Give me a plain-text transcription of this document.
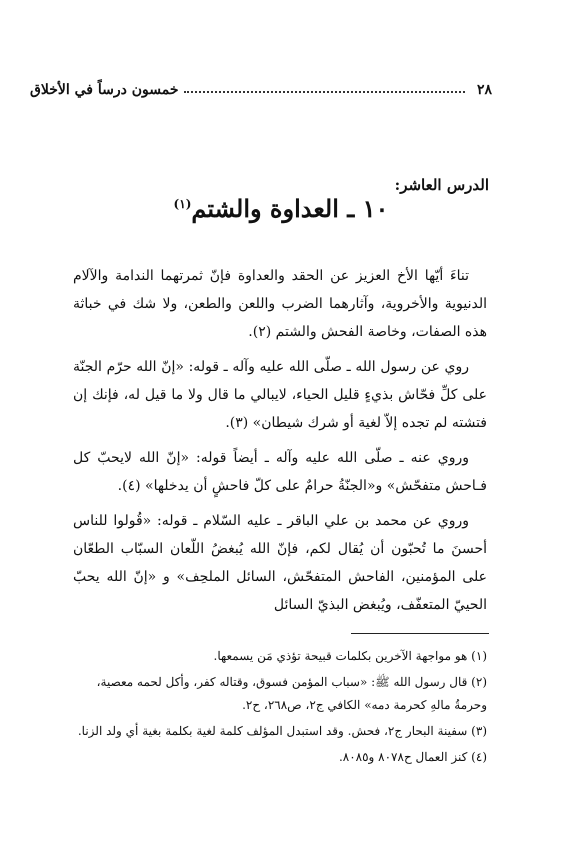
٢٨
خمسون درساً في الأخلاق
الدرس العاشر:
١٠ ـ العداوة والشتم$^{(١)}$

تناءَ أيّها الأخ العزيز عن الحقد والعداوة فإنّ ثمرتهما الندامة والآلام الدنيوية والأخروية، وآثارهما الضرب واللعن والطعن، ولا شك في خباثة هذه الصفات، وخاصة الفحش والشتم (٢).

روي عن رسول الله ـ صلّى الله عليه وآله ـ قوله: «إنّ الله حرّم الجنّة على كلِّ فحّاش بذيءٍ قليل الحياء، لايبالي ما قال ولا ما قيل له، فإنك إن فتشته لم تجده إلاّ لغية أو شرك شيطان» (٣).

وروي عنه ـ صلّى الله عليه وآله ـ أيضاً قوله: «إنّ الله لايحبّ كل فـاحش متفحّش» و«الجنّةُ حرامٌ على كلّ فاحشٍ أن يدخلها» (٤).

وروي عن محمد بن علي الباقر ـ عليه السّلام ـ قوله: «قُولوا للناس أحسنَ ما تُحبّون أن يُقال لكم، فإنّ الله يُبغضُ اللّعان السبّاب الطعّان على المؤمنين، الفاحش المتفحّش، السائل الملحِف» و «إنّ الله يحبّ الحييّ المتعفّف، ويُبغض البذيّ السائل

(١) هو مواجهة الآخرين بكلمات قبيحة تؤذي مَن يسمعها.
(٢) قال رسول الله ﷺ: «سباب المؤمن فسوق، وقتاله كفر، وأكل لحمه معصية، وحرمةُ مالهِ كحرمة دمه» الكافي ج٢، ص٢٦٨، ح٢.
(٣) سفينة البحار ج٢، فحش. وقد استبدل المؤلف كلمة لغية بكلمة بغية أي ولد الزنا.
(٤) كنز العمال ح٨٠٧٨ و٨٠٨٥.
